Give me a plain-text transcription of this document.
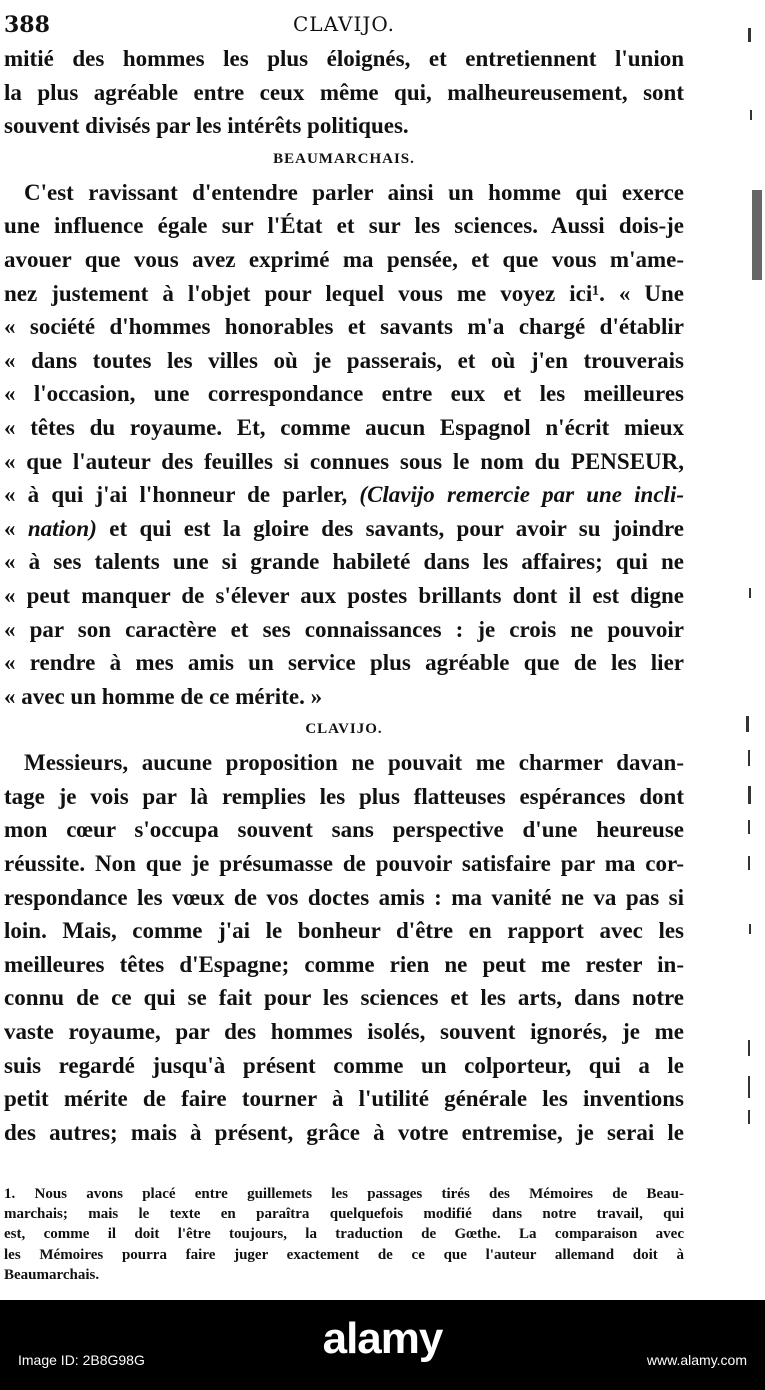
388	CLAVIJO.
mitié des hommes les plus éloignés, et entretiennent l'union
la plus agréable entre ceux même qui, malheureusement, sont
souvent divisés par les intérêts politiques.
BEAUMARCHAIS.
C'est ravissant d'entendre parler ainsi un homme qui exerce
une influence égale sur l'État et sur les sciences. Aussi dois-je
avouer que vous avez exprimé ma pensée, et que vous m'ame-
nez justement à l'objet pour lequel vous me voyez ici¹. « Une
« société d'hommes honorables et savants m'a chargé d'établir
« dans toutes les villes où je passerais, et où j'en trouverais
« l'occasion, une correspondance entre eux et les meilleures
« têtes du royaume. Et, comme aucun Espagnol n'écrit mieux
« que l'auteur des feuilles si connues sous le nom du PENSEUR,
« à qui j'ai l'honneur de parler, (Clavijo remercie par une incli-
« nation) et qui est la gloire des savants, pour avoir su joindre
« à ses talents une si grande habileté dans les affaires; qui ne
« peut manquer de s'élever aux postes brillants dont il est digne
« par son caractère et ses connaissances : je crois ne pouvoir
« rendre à mes amis un service plus agréable que de les lier
« avec un homme de ce mérite. »
CLAVIJO.
Messieurs, aucune proposition ne pouvait me charmer davan-
tage je vois par là remplies les plus flatteuses espérances dont
mon cœur s'occupa souvent sans perspective d'une heureuse
réussite. Non que je présumasse de pouvoir satisfaire par ma cor-
respondance les vœux de vos doctes amis : ma vanité ne va pas si
loin. Mais, comme j'ai le bonheur d'être en rapport avec les
meilleures têtes d'Espagne; comme rien ne peut me rester in-
connu de ce qui se fait pour les sciences et les arts, dans notre
vaste royaume, par des hommes isolés, souvent ignorés, je me
suis regardé jusqu'à présent comme un colporteur, qui a le
petit mérite de faire tourner à l'utilité générale les inventions
des autres; mais à présent, grâce à votre entremise, je serai le
1. Nous avons placé entre guillemets les passages tirés des Mémoires de Beau-
marchais; mais le texte en paraîtra quelquefois modifié dans notre travail, qui
est, comme il doit l'être toujours, la traduction de Gœthe. La comparaison avec
les Mémoires pourra faire juger exactement de ce que l'auteur allemand doit à
Beaumarchais.
alamy
Image ID: 2B8G98G	www.alamy.com
